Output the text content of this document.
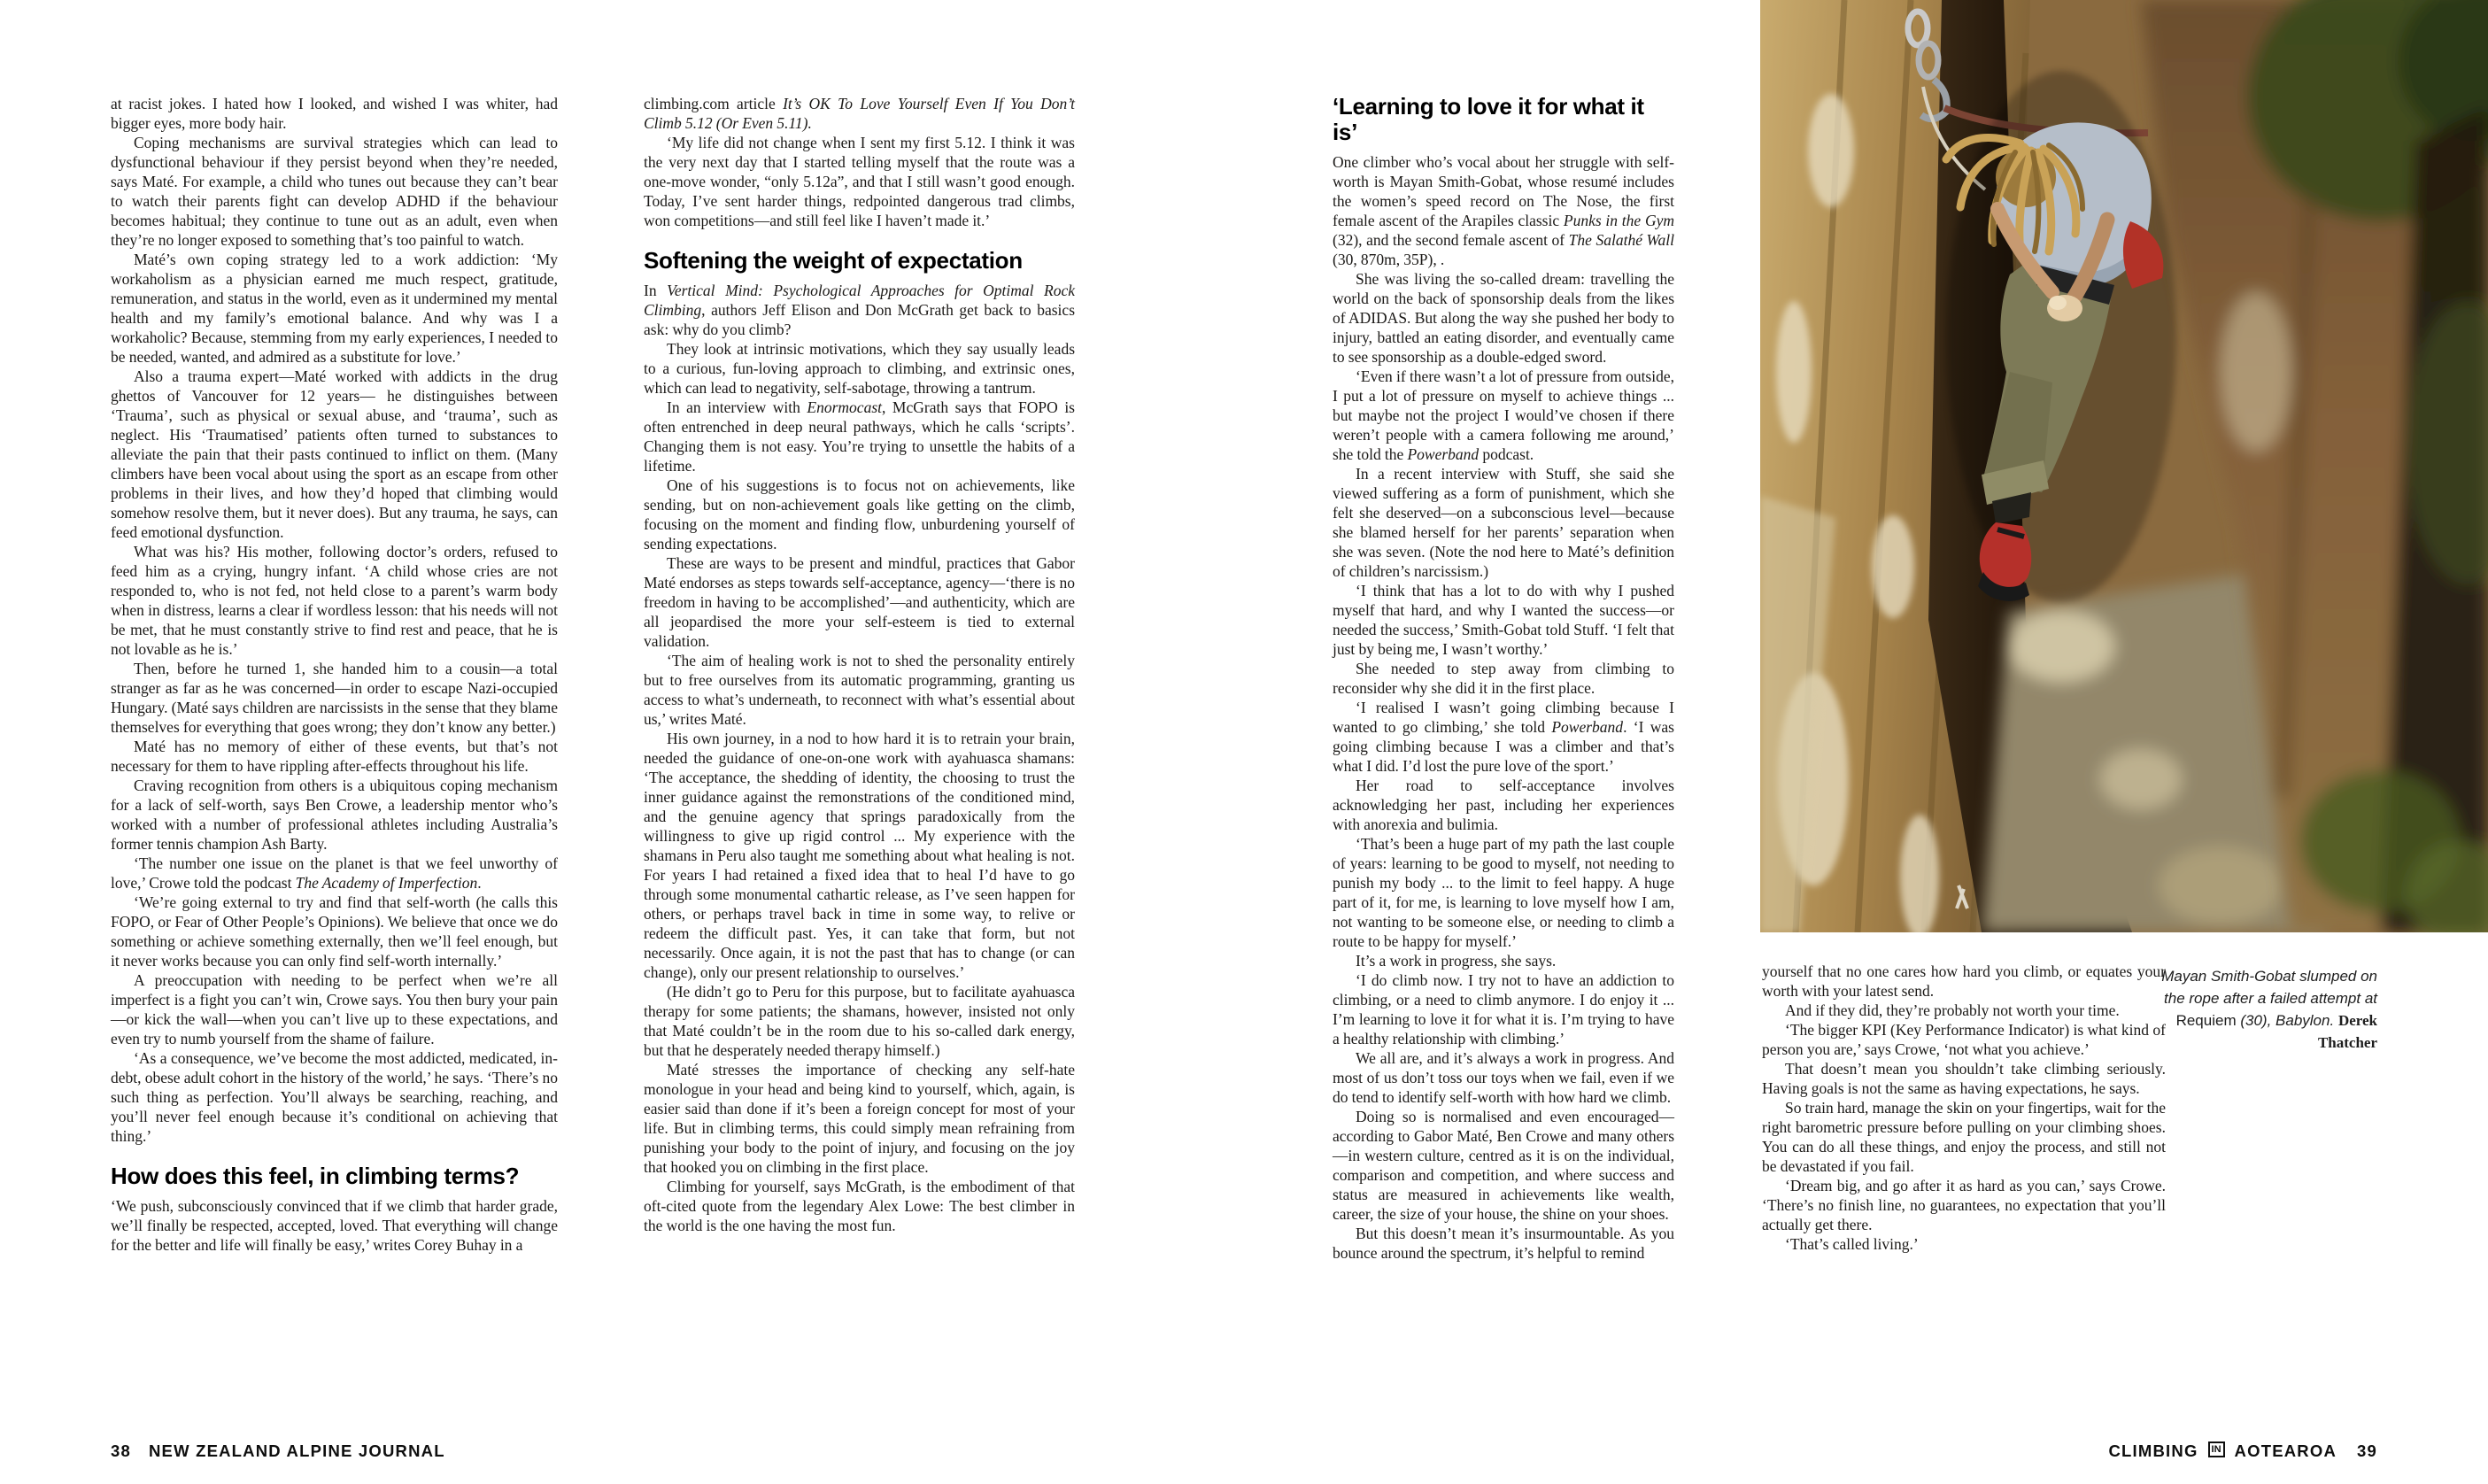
at racist jokes. I hated how I looked, and wished I was whiter, had bigger eyes, more body hair.

Coping mechanisms are survival strategies which can lead to dysfunctional behaviour if they persist beyond when they’re needed, says Maté. For example, a child who tunes out because they can’t bear to watch their parents fight can develop ADHD if the behaviour becomes habitual; they continue to tune out as an adult, even when they’re no longer exposed to something that’s too painful to watch.

Maté’s own coping strategy led to a work addiction: ‘My workaholism as a physician earned me much respect, gratitude, remuneration, and status in the world, even as it undermined my mental health and my family’s emotional balance. And why was I a workaholic? Because, stemming from my early experiences, I needed to be needed, wanted, and admired as a substitute for love.’

Also a trauma expert—Maté worked with addicts in the drug ghettos of Vancouver for 12 years— he distinguishes between ‘Trauma’, such as physical or sexual abuse, and ‘trauma’, such as neglect. His ‘Traumatised’ patients often turned to substances to alleviate the pain that their pasts continued to inflict on them. (Many climbers have been vocal about using the sport as an escape from other problems in their lives, and how they’d hoped that climbing would somehow resolve them, but it never does). But any trauma, he says, can feed emotional dysfunction.

What was his? His mother, following doctor’s orders, refused to feed him as a crying, hungry infant. ‘A child whose cries are not responded to, who is not fed, not held close to a parent’s warm body when in distress, learns a clear if wordless lesson: that his needs will not be met, that he must constantly strive to find rest and peace, that he is not lovable as he is.’

Then, before he turned 1, she handed him to a cousin—a total stranger as far as he was concerned—in order to escape Nazi-occupied Hungary. (Maté says children are narcissists in the sense that they blame themselves for everything that goes wrong; they don’t know any better.)

Maté has no memory of either of these events, but that’s not necessary for them to have rippling after-effects throughout his life.

Craving recognition from others is a ubiquitous coping mechanism for a lack of self-worth, says Ben Crowe, a leadership mentor who’s worked with a number of professional athletes including Australia’s former tennis champion Ash Barty.

‘The number one issue on the planet is that we feel unworthy of love,’ Crowe told the podcast The Academy of Imperfection.

‘We’re going external to try and find that self-worth (he calls this FOPO, or Fear of Other People’s Opinions). We believe that once we do something or achieve something externally, then we’ll feel enough, but it never works because you can only find self-worth internally.’

A preoccupation with needing to be perfect when we’re all imperfect is a fight you can’t win, Crowe says. You then bury your pain—or kick the wall—when you can’t live up to these expectations, and even try to numb yourself from the shame of failure.

‘As a consequence, we’ve become the most addicted, medicated, in-debt, obese adult cohort in the history of the world,’ he says. ‘There’s no such thing as perfection. You’ll always be searching, reaching, and you’ll never feel enough because it’s conditional on achieving that thing.’

How does this feel, in climbing terms?

‘We push, subconsciously convinced that if we climb that harder grade, we’ll finally be respected, accepted, loved. That everything will change for the better and life will finally be easy,’ writes Corey Buhay in a

climbing.com article It’s OK To Love Yourself Even If You Don’t Climb 5.12 (Or Even 5.11).

‘My life did not change when I sent my first 5.12. I think it was the very next day that I started telling myself that the route was a one-move wonder, “only 5.12a”, and that I still wasn’t good enough. Today, I’ve sent harder things, redpointed dangerous trad climbs, won competitions—and still feel like I haven’t made it.’

Softening the weight of expectation

In Vertical Mind: Psychological Approaches for Optimal Rock Climbing, authors Jeff Elison and Don McGrath get back to basics ask: why do you climb?

They look at intrinsic motivations, which they say usually leads to a curious, fun-loving approach to climbing, and extrinsic ones, which can lead to negativity, self-sabotage, throwing a tantrum.

In an interview with Enormocast, McGrath says that FOPO is often entrenched in deep neural pathways, which he calls ‘scripts’. Changing them is not easy. You’re trying to unsettle the habits of a lifetime.

One of his suggestions is to focus not on achievements, like sending, but on non-achievement goals like getting on the climb, focusing on the moment and finding flow, unburdening yourself of sending expectations.

These are ways to be present and mindful, practices that Gabor Maté endorses as steps towards self-acceptance, agency—‘there is no freedom in having to be accomplished’—and authenticity, which are all jeopardised the more your self-esteem is tied to external validation.

‘The aim of healing work is not to shed the personality entirely but to free ourselves from its automatic programming, granting us access to what’s underneath, to reconnect with what’s essential about us,’ writes Maté.

His own journey, in a nod to how hard it is to retrain your brain, needed the guidance of one-on-one work with ayahuasca shamans: ‘The acceptance, the shedding of identity, the choosing to trust the inner guidance against the remonstrations of the conditioned mind, and the genuine agency that springs paradoxically from the willingness to give up rigid control ... My experience with the shamans in Peru also taught me something about what healing is not. For years I had retained a fixed idea that to heal I’d have to go through some monumental cathartic release, as I’ve seen happen for others, or perhaps travel back in time in some way, to relive or redeem the difficult past. Yes, it can take that form, but not necessarily. Once again, it is not the past that has to change (or can change), only our present relationship to ourselves.’

(He didn’t go to Peru for this purpose, but to facilitate ayahuasca therapy for some patients; the shamans, however, insisted not only that Maté couldn’t be in the room due to his so-called dark energy, but that he desperately needed therapy himself.)

Maté stresses the importance of checking any self-hate monologue in your head and being kind to yourself, which, again, is easier said than done if it’s been a foreign concept for most of your life. But in climbing terms, this could simply mean refraining from punishing your body to the point of injury, and focusing on the joy that hooked you on climbing in the first place.

Climbing for yourself, says McGrath, is the embodiment of that oft-cited quote from the legendary Alex Lowe: The best climber in the world is the one having the most fun.

‘Learning to love it for what it is’

One climber who’s vocal about her struggle with self-worth is Mayan Smith-Gobat, whose resumé includes the women’s speed record on The Nose, the first female ascent of the Arapiles classic Punks in the Gym (32), and the second female ascent of The Salathé Wall (30, 870m, 35P), .

She was living the so-called dream: travelling the world on the back of sponsorship deals from the likes of ADIDAS. But along the way she pushed her body to injury, battled an eating disorder, and eventually came to see sponsorship as a double-edged sword.

‘Even if there wasn’t a lot of pressure from outside, I put a lot of pressure on myself to achieve things ... but maybe not the project I would’ve chosen if there weren’t people with a camera following me around,’ she told the Powerband podcast.

In a recent interview with Stuff, she said she viewed suffering as a form of punishment, which she felt she deserved—on a subconscious level—because she blamed herself for her parents’ separation when she was seven. (Note the nod here to Maté’s definition of children’s narcissism.)

‘I think that has a lot to do with why I pushed myself that hard, and why I wanted the success—or needed the success,’ Smith-Gobat told Stuff. ‘I felt that just by being me, I wasn’t worthy.’

She needed to step away from climbing to reconsider why she did it in the first place.

‘I realised I wasn’t going climbing because I wanted to go climbing,’ she told Powerband. ‘I was going climbing because I was a climber and that’s what I did. I’d lost the pure love of the sport.’

Her road to self-acceptance involves acknowledging her past, including her experiences with anorexia and bulimia.

‘That’s been a huge part of my path the last couple of years: learning to be good to myself, not needing to punish my body ... to the limit to feel happy. A huge part of it, for me, is learning to love myself how I am, not wanting to be someone else, or needing to climb a route to be happy for myself.’

It’s a work in progress, she says.

‘I do climb now. I try not to have an addiction to climbing, or a need to climb anymore. I do enjoy it ... I’m learning to love it for what it is. I’m trying to have a healthy relationship with climbing.’

We all are, and it’s always a work in progress. And most of us don’t toss our toys when we fail, even if we do tend to identify self-worth with how hard we climb.

Doing so is normalised and even encouraged—according to Gabor Maté, Ben Crowe and many others—in western culture, centred as it is on the individual, comparison and competition, and where success and status are measured in achievements like wealth, career, the size of your house, the shine on your shoes.

But this doesn’t mean it’s insurmountable. As you bounce around the spectrum, it’s helpful to remind

yourself that no one cares how hard you climb, or equates your worth with your latest send.

And if they did, they’re probably not worth your time.

‘The bigger KPI (Key Performance Indicator) is what kind of person you are,’ says Crowe, ‘not what you achieve.’

That doesn’t mean you shouldn’t take climbing seriously. Having goals is not the same as having expectations, he says.

So train hard, manage the skin on your fingertips, wait for the right barometric pressure before pulling on your climbing shoes. You can do all these things, and enjoy the process, and still not be devastated if you fail.

‘Dream big, and go after it as hard as you can,’ says Crowe. ‘There’s no finish line, no guarantees, no expectation that you’ll actually get there.

‘That’s called living.’

Mayan Smith-Gobat slumped on the rope after a failed attempt at Requiem (30), Babylon. Derek Thatcher
38 NEW ZEALAND ALPINE JOURNAL	CLIMBING	IN AOTEAROA 39
